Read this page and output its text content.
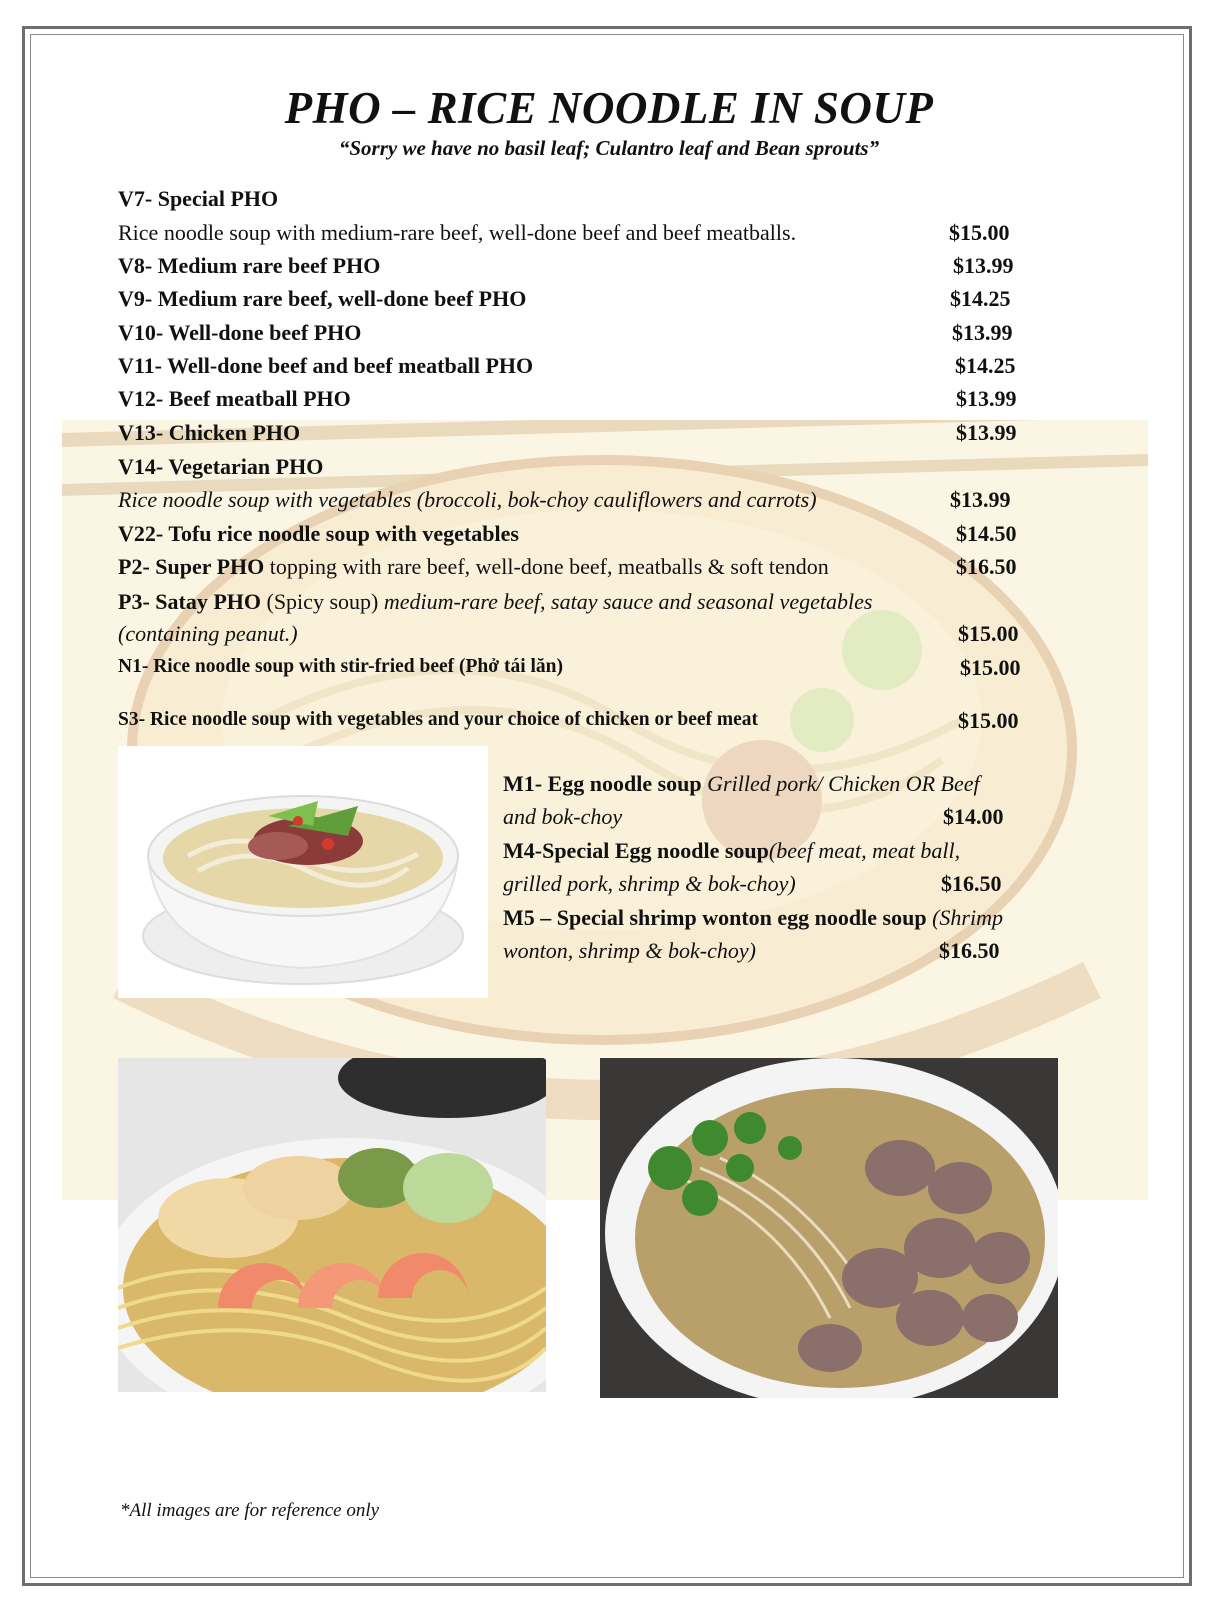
PHO – RICE NOODLE IN SOUP
“Sorry we have no basil leaf; Culantro leaf and Bean sprouts”
V7- Special PHO
Rice noodle soup with medium-rare beef, well-done beef and beef meatballs.	$15.00
V8- Medium rare beef PHO	$13.99
V9- Medium rare beef, well-done beef PHO	$14.25
V10- Well-done beef PHO	$13.99
V11- Well-done beef and beef meatball PHO	$14.25
V12- Beef meatball PHO	$13.99
V13- Chicken PHO	$13.99
V14- Vegetarian PHO
Rice noodle soup with vegetables (broccoli, bok-choy cauliflowers and carrots)	$13.99
V22- Tofu rice noodle soup with vegetables	$14.50
P2- Super PHO topping with rare beef, well-done beef, meatballs & soft tendon	$16.50
P3- Satay PHO (Spicy soup) medium-rare beef, satay sauce and seasonal vegetables
(containing peanut.)	$15.00
N1- Rice noodle soup with stir-fried beef (Phở tái lăn)	$15.00
S3- Rice noodle soup with vegetables and your choice of chicken or beef meat	$15.00
M1- Egg noodle soup Grilled pork/ Chicken OR Beef
and bok-choy	$14.00
M4-Special Egg noodle soup(beef meat, meat ball,
grilled pork, shrimp & bok-choy)	$16.50
M5 – Special shrimp wonton egg noodle soup (Shrimp
wonton, shrimp & bok-choy)	$16.50
*All images are for reference only
